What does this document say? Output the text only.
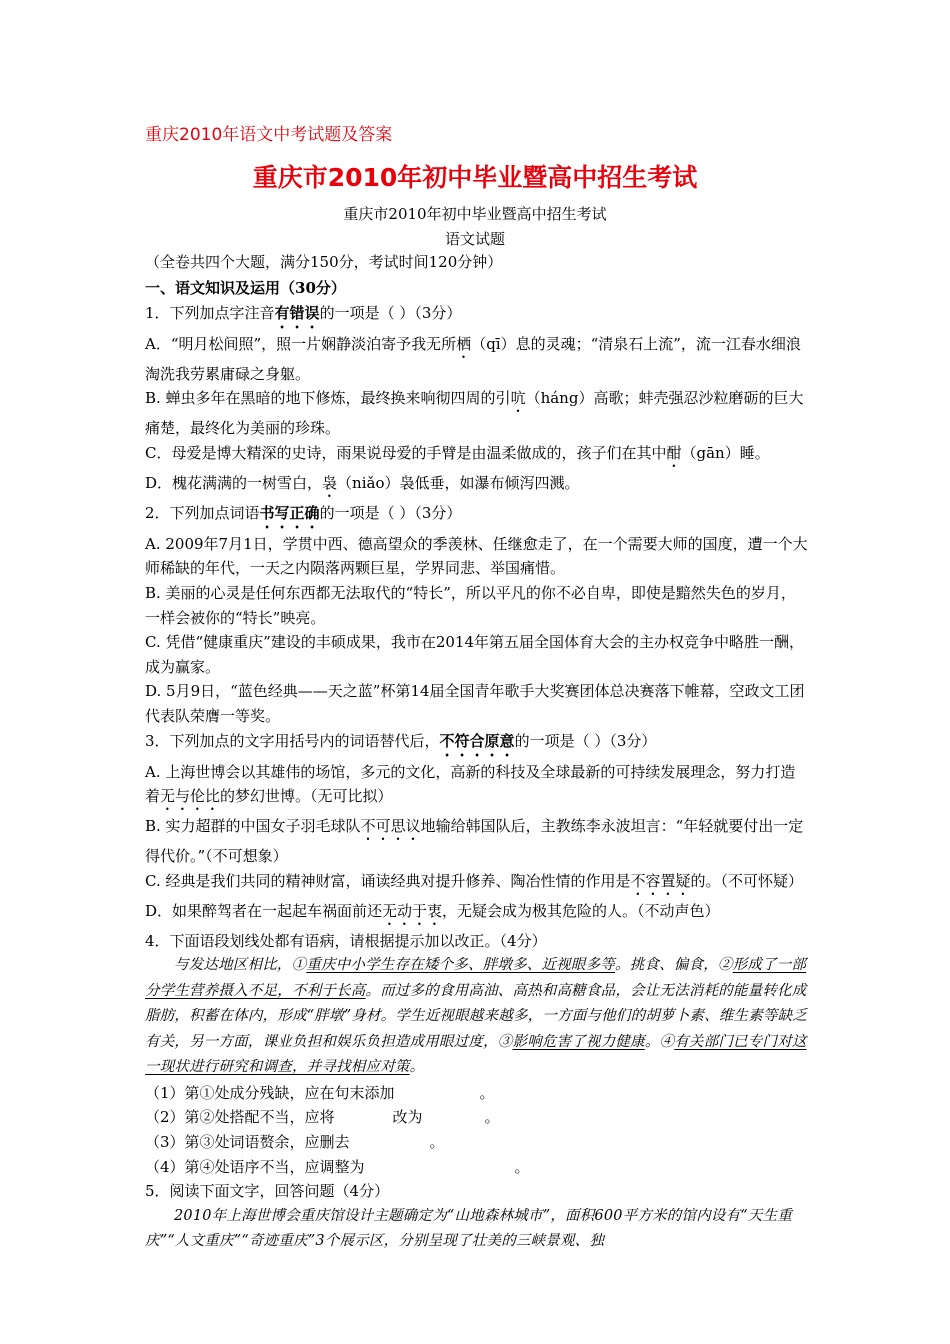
重庆2010年语文中考试题及答案
重庆市2010年初中毕业暨高中招生考试
重庆市2010年初中毕业暨高中招生考试
语文试题
（全卷共四个大题，满分150分，考试时间120分钟）

一、语文知识及运用（30分）

1．下列加点字注音有错误的一项是（ ）（3分）

A．“明月松间照”，照一片娴静淡泊寄予我无所栖（qī）息的灵魂；“清泉石上流”，流一江春水细浪淘洗我劳累庸碌之身躯。

B. 蝉虫多年在黑暗的地下修炼，最终换来响彻四周的引吭（háng）高歌；蚌壳强忍沙粒磨砺的巨大痛楚，最终化为美丽的珍珠。

C．母爱是博大精深的史诗，雨果说母爱的手臂是由温柔做成的，孩子们在其中酣（gān）睡。

D．槐花满满的一树雪白，袅（niǎo）袅低垂，如瀑布倾泻四溅。

2．下列加点词语书写正确的一项是（ ）（3分）

A. 2009年7月1日，学贯中西、德高望众的季羡林、任继愈走了，在一个需要大师的国度，遭一个大师稀缺的年代，一天之内陨落两颗巨星，学界同悲、举国痛惜。

B. 美丽的心灵是任何东西都无法取代的“特长”，所以平凡的你不必自卑，即使是黯然失色的岁月，一样会被你的“特长”映亮。

C. 凭借“健康重庆”建设的丰硕成果，我市在2014年第五届全国体育大会的主办权竞争中略胜一酬，成为赢家。

D. 5月9日，“蓝色经典——天之蓝”杯第14届全国青年歌手大奖赛团体总决赛落下帷幕，空政文工团代表队荣膺一等奖。

3．下列加点的文字用括号内的词语替代后，不符合原意的一项是（ ）（3分）

A. 上海世博会以其雄伟的场馆，多元的文化，高新的科技及全球最新的可持续发展理念，努力打造着无与伦比的梦幻世博。（无可比拟）

B. 实力超群的中国女子羽毛球队不可思议地输给韩国队后，主教练李永波坦言：“年轻就要付出一定得代价。”（不可想象）

C. 经典是我们共同的精神财富，诵读经典对提升修养、陶冶性情的作用是不容置疑的。（不可怀疑）

D．如果醉驾者在一起起车祸面前还无动于衷，无疑会成为极其危险的人。（不动声色）

4．下面语段划线处都有语病，请根据提示加以改正。（4分）

与发达地区相比，①重庆中小学生存在矮个多、胖墩多、近视眼多等。挑食、偏食，②形成了一部分学生营养摄入不足，不利于长高。而过多的食用高油、高热和高糖食品，会让无法消耗的能量转化成脂肪，积蓄在体内，形成“胖墩”身材。学生近视眼越来越多，一方面与他们的胡萝卜素、维生素等缺乏有关，另一方面，课业负担和娱乐负担造成用眼过度，③影响危害了视力健康。④有关部门已专门对这一现状进行研究和调查，并寻找相应对策。

（1）第①处成分残缺，应在句末添加	。

（2）第②处搭配不当，应将	改为	。

（3）第③处词语赘余，应删去	。

（4）第④处语序不当，应调整为	。

5．阅读下面文字，回答问题（4分）

2010年上海世博会重庆馆设计主题确定为“山地森林城市”，面积600平方米的馆内设有“天生重庆”“人文重庆”“奇迹重庆”3个展示区，分别呈现了壮美的三峡景观、独
